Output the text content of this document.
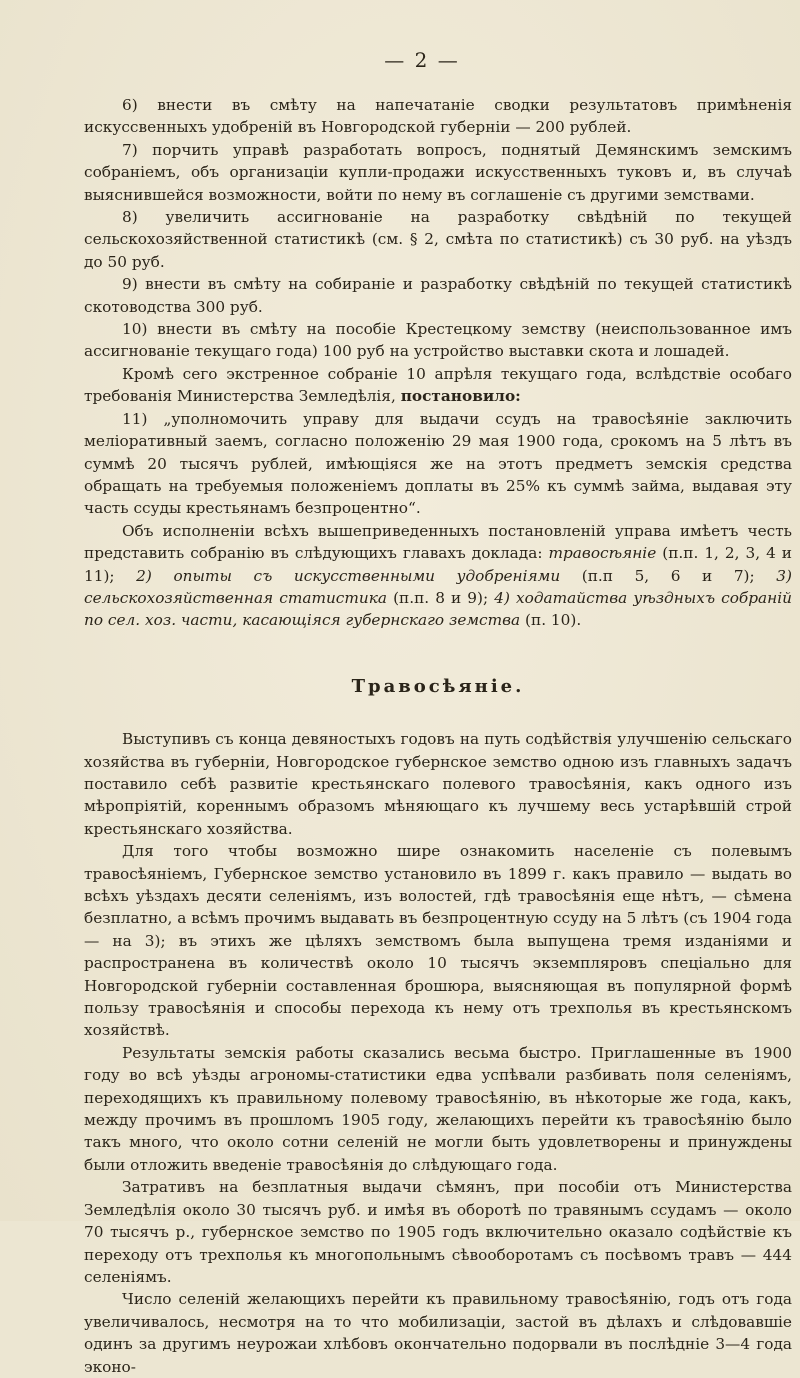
— 2 —

6) внести въ смѣту на напечатаніе сводки результатовъ примѣненія искуссвенныхъ удобреній въ Новгородской губерніи — 200 рублей.

7) порчить управѣ разработать вопросъ, поднятый Демянскимъ земскимъ собраніемъ, объ организаціи купли-продажи искусственныхъ туковъ и, въ случаѣ выяснившейся возможности, войти по нему въ соглашеніе съ другими земствами.

8) увеличить ассигнованіе на разработку свѣдѣній по текущей сельскохозяйственной статистикѣ (см. § 2, смѣта по статистикѣ) съ 30 руб. на уѣздъ до 50 руб.

9) внести въ смѣту на собираніе и разработку свѣдѣній по текущей статистикѣ скотоводства 300 руб.

10) внести въ смѣту на пособіе Крестецкому земству (неиспользованное имъ ассигнованіе текущаго года) 100 руб на устройство выставки скота и лошадей.

Кромѣ сего экстренное собраніе 10 апрѣля текущаго года, вслѣдствіе особаго требованія Министерства Земледѣлія, постановило:

11) „уполномочить управу для выдачи ссудъ на травосѣяніе заключить меліоративный заемъ, согласно положенію 29 мая 1900 года, срокомъ на 5 лѣтъ въ суммѣ 20 тысячъ рублей, имѣющіяся же на этотъ предметъ земскія средства обращать на требуемыя положеніемъ доплаты въ 25% къ суммѣ займа, выдавая эту часть ссуды крестьянамъ безпроцентно“.

Объ исполненіи всѣхъ вышеприведенныхъ постановленій управа имѣетъ честь представить собранію въ слѣдующихъ главахъ доклада: травосѣяніе (п.п. 1, 2, 3, 4 и 11); 2) опыты съ искусственными удобреніями (п.п 5, 6 и 7); 3) сельскохозяйственная статистика (п.п. 8 и 9); 4) ходатайства уѣздныхъ собраній по сел. хоз. части, касающіяся губернскаго земства (п. 10).

Травосѣяніе.

Выступивъ съ конца девяностыхъ годовъ на путь содѣйствія улучшенію сельскаго хозяйства въ губерніи, Новгородское губернское земство одною изъ главныхъ задачъ поставило себѣ развитіе крестьянскаго полевого травосѣянія, какъ одного изъ мѣропріятій, кореннымъ образомъ мѣняющаго къ лучшему весь устарѣвшій строй крестьянскаго хозяйства.

Для того чтобы возможно шире ознакомить населеніе съ полевымъ травосѣяніемъ, Губернское земство установило въ 1899 г. какъ правило — выдать во всѣхъ уѣздахъ десяти селеніямъ, изъ волостей, гдѣ травосѣянія еще нѣтъ, — сѣмена безплатно, а всѣмъ прочимъ выдавать въ безпроцентную ссуду на 5 лѣтъ (съ 1904 года — на 3); въ этихъ же цѣляхъ земствомъ была выпущена тремя изданіями и распространена въ количествѣ около 10 тысячъ экземпляровъ спеціально для Новгородской губерніи составленная брошюра, выясняющая въ популярной формѣ пользу травосѣянія и способы перехода къ нему отъ трехполья въ крестьянскомъ хозяйствѣ.

Результаты земскія работы сказались весьма быстро. Приглашенные въ 1900 году во всѣ уѣзды агрономы-статистики едва успѣвали разбивать поля селеніямъ, переходящихъ къ правильному полевому травосѣянію, въ нѣкоторые же года, какъ, между прочимъ въ прошломъ 1905 году, желающихъ перейти къ травосѣянію было такъ много, что около сотни селеній не могли быть удовлетворены и принуждены были отложить введеніе травосѣянія до слѣдующаго года.

Затративъ на безплатныя выдачи сѣмянъ, при пособіи отъ Министерства Земледѣлія около 30 тысячъ руб. и имѣя въ оборотѣ по травянымъ ссудамъ — около 70 тысячъ р., губернское земство по 1905 годъ включительно оказало содѣйствіе къ переходу отъ трехполья къ многопольнымъ сѣвооборотамъ съ посѣвомъ травъ — 444 селеніямъ.

Число селеній желающихъ перейти къ правильному травосѣянію, годъ отъ года увеличивалось, несмотря на то что мобилизаціи, застой въ дѣлахъ и слѣдовавшіе одинъ за другимъ неурожаи хлѣбовъ окончательно подорвали въ послѣдніе 3—4 года эконо-
